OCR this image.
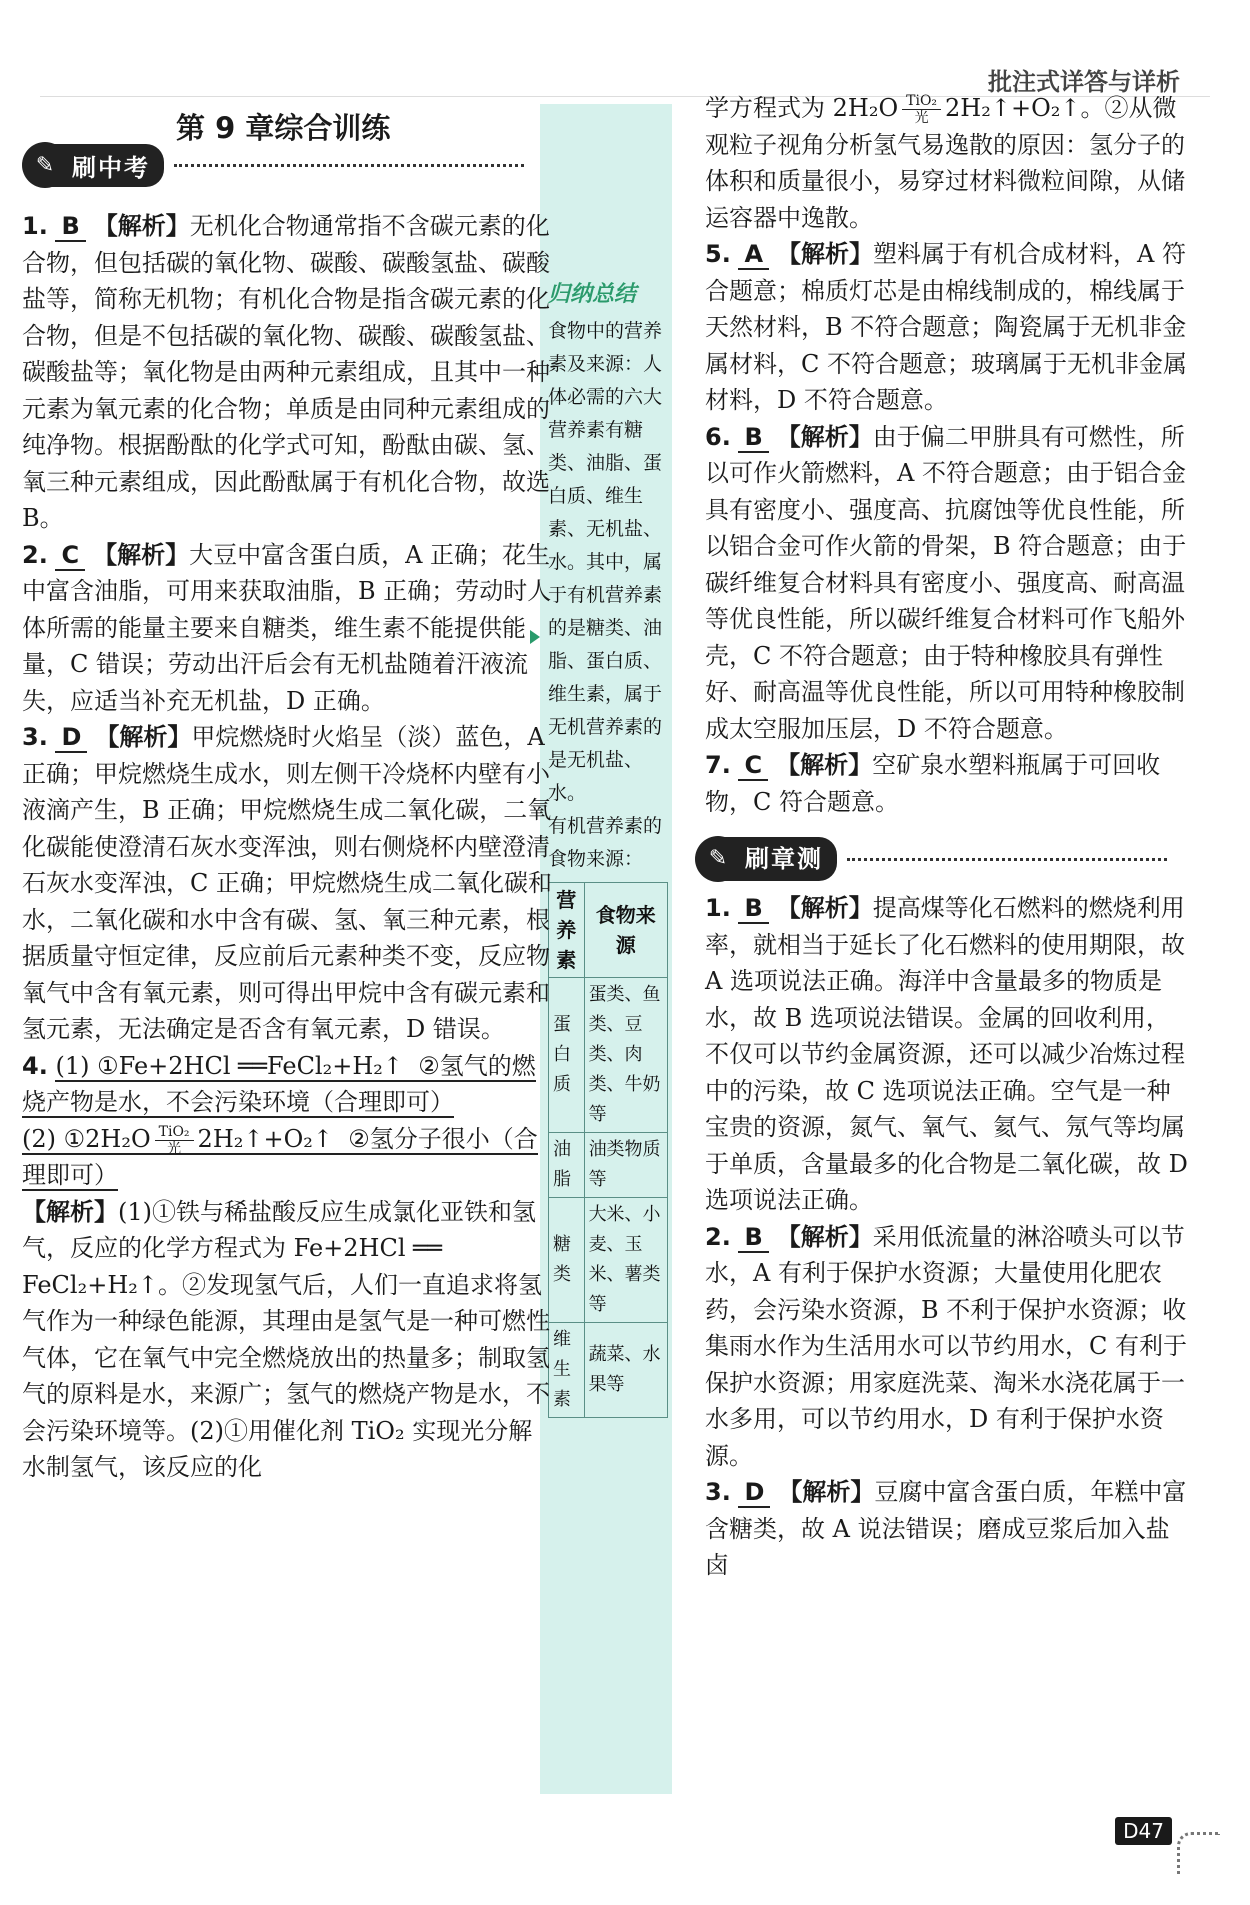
批注式详答与详析
第 9 章综合训练
✎ 刷中考
归纳总结
食物中的营养素及来源：人体必需的六大营养素有糖类、油脂、蛋白质、维生素、无机盐、水。其中，属于有机营养素的是糖类、油脂、蛋白质、维生素，属于无机营养素的是无机盐、水。
有机营养素的食物来源：
营养素	食物来源
蛋白质	蛋类、鱼类、豆类、肉类、牛奶等
油脂	油类物质等
糖类	大米、小麦、玉米、薯类等
维生素	蔬菜、水果等
1. B 【解析】无机化合物通常指不含碳元素的化合物，但包括碳的氧化物、碳酸、碳酸氢盐、碳酸盐等，简称无机物；有机化合物是指含碳元素的化合物，但是不包括碳的氧化物、碳酸、碳酸氢盐、碳酸盐等；氧化物是由两种元素组成，且其中一种元素为氧元素的化合物；单质是由同种元素组成的纯净物。根据酚酞的化学式可知，酚酞由碳、氢、氧三种元素组成，因此酚酞属于有机化合物，故选 B。
2. C 【解析】大豆中富含蛋白质，A 正确；花生中富含油脂，可用来获取油脂，B 正确；劳动时人体所需的能量主要来自糖类，维生素不能提供能量，C 错误；劳动出汗后会有无机盐随着汗液流失，应适当补充无机盐，D 正确。
3. D 【解析】甲烷燃烧时火焰呈（淡）蓝色，A 正确；甲烷燃烧生成水，则左侧干冷烧杯内壁有小液滴产生，B 正确；甲烷燃烧生成二氧化碳，二氧化碳能使澄清石灰水变浑浊，则右侧烧杯内壁澄清石灰水变浑浊，C 正确；甲烷燃烧生成二氧化碳和水，二氧化碳和水中含有碳、氢、氧三种元素，根据质量守恒定律，反应前后元素种类不变，反应物氧气中含有氧元素，则可得出甲烷中含有碳元素和氢元素，无法确定是否含有氧元素，D 错误。
4. (1) ①Fe+2HCl ══FeCl₂+H₂↑ ②氢气的燃烧产物是水，不会污染环境（合理即可）
(2) ①2H₂O $\frac{\text{TiO₂}}{\text{光}}$ 2H₂↑+O₂↑ ②氢分子很小（合理即可）
【解析】(1)①铁与稀盐酸反应生成氯化亚铁和氢气，反应的化学方程式为 Fe+2HCl ══ FeCl₂+H₂↑。②发现氢气后，人们一直追求将氢气作为一种绿色能源，其理由是氢气是一种可燃性气体，它在氧气中完全燃烧放出的热量多；制取氢气的原料是水，来源广；氢气的燃烧产物是水，不会污染环境等。(2)①用催化剂 TiO₂ 实现光分解水制氢气，该反应的化
学方程式为 $2H_2O \frac{\text{TiO₂}}{\text{光}}$ 2H₂↑+O₂↑。②从微观粒子视角分析氢气易逸散的原因：氢分子的体积和质量很小，易穿过材料微粒间隙，从储运容器中逸散。
5. A 【解析】塑料属于有机合成材料，A 符合题意；棉质灯芯是由棉线制成的，棉线属于天然材料，B 不符合题意；陶瓷属于无机非金属材料，C 不符合题意；玻璃属于无机非金属材料，D 不符合题意。
6. B 【解析】由于偏二甲肼具有可燃性，所以可作火箭燃料，A 不符合题意；由于铝合金具有密度小、强度高、抗腐蚀等优良性能，所以铝合金可作火箭的骨架，B 符合题意；由于碳纤维复合材料具有密度小、强度高、耐高温等优良性能，所以碳纤维复合材料可作飞船外壳，C 不符合题意；由于特种橡胶具有弹性好、耐高温等优良性能，所以可用特种橡胶制成太空服加压层，D 不符合题意。
7. C 【解析】空矿泉水塑料瓶属于可回收物，C 符合题意。
✎ 刷章测
1. B 【解析】提高煤等化石燃料的燃烧利用率，就相当于延长了化石燃料的使用期限，故 A 选项说法正确。海洋中含量最多的物质是水，故 B 选项说法错误。金属的回收利用，不仅可以节约金属资源，还可以减少冶炼过程中的污染，故 C 选项说法正确。空气是一种宝贵的资源，氮气、氧气、氦气、氖气等均属于单质，含量最多的化合物是二氧化碳，故 D 选项说法正确。
2. B 【解析】采用低流量的淋浴喷头可以节水，A 有利于保护水资源；大量使用化肥农药，会污染水资源，B 不利于保护水资源；收集雨水作为生活用水可以节约用水，C 有利于保护水资源；用家庭洗菜、淘米水浇花属于一水多用，可以节约用水，D 有利于保护水资源。
3. D 【解析】豆腐中富含蛋白质，年糕中富含糖类，故 A 说法错误；磨成豆浆后加入盐卤
D47
